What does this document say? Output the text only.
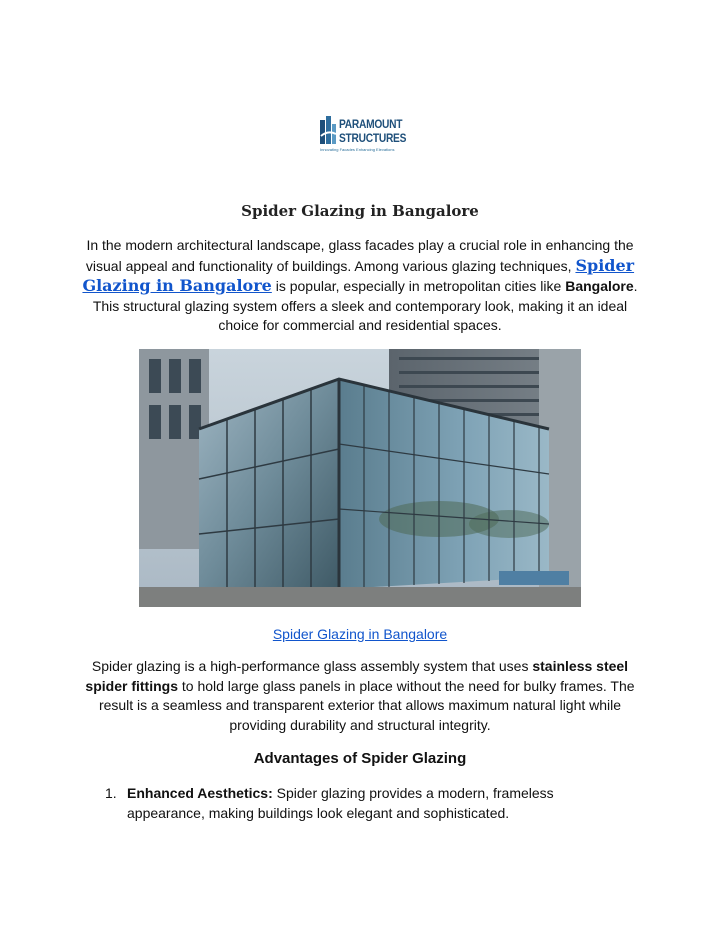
PARAMOUNT
STRUCTURES
Innovating Facades Enhancing Elevations
Spider Glazing in Bangalore
In the modern architectural landscape, glass facades play a crucial role in enhancing the visual appeal and functionality of buildings. Among various glazing techniques, Spider Glazing in Bangalore is popular, especially in metropolitan cities like Bangalore. This structural glazing system offers a sleek and contemporary look, making it an ideal choice for commercial and residential spaces.
Spider Glazing in Bangalore
Spider glazing is a high-performance glass assembly system that uses stainless steel spider fittings to hold large glass panels in place without the need for bulky frames. The result is a seamless and transparent exterior that allows maximum natural light while providing durability and structural integrity.
Advantages of Spider Glazing
1. Enhanced Aesthetics: Spider glazing provides a modern, frameless appearance, making buildings look elegant and sophisticated.
